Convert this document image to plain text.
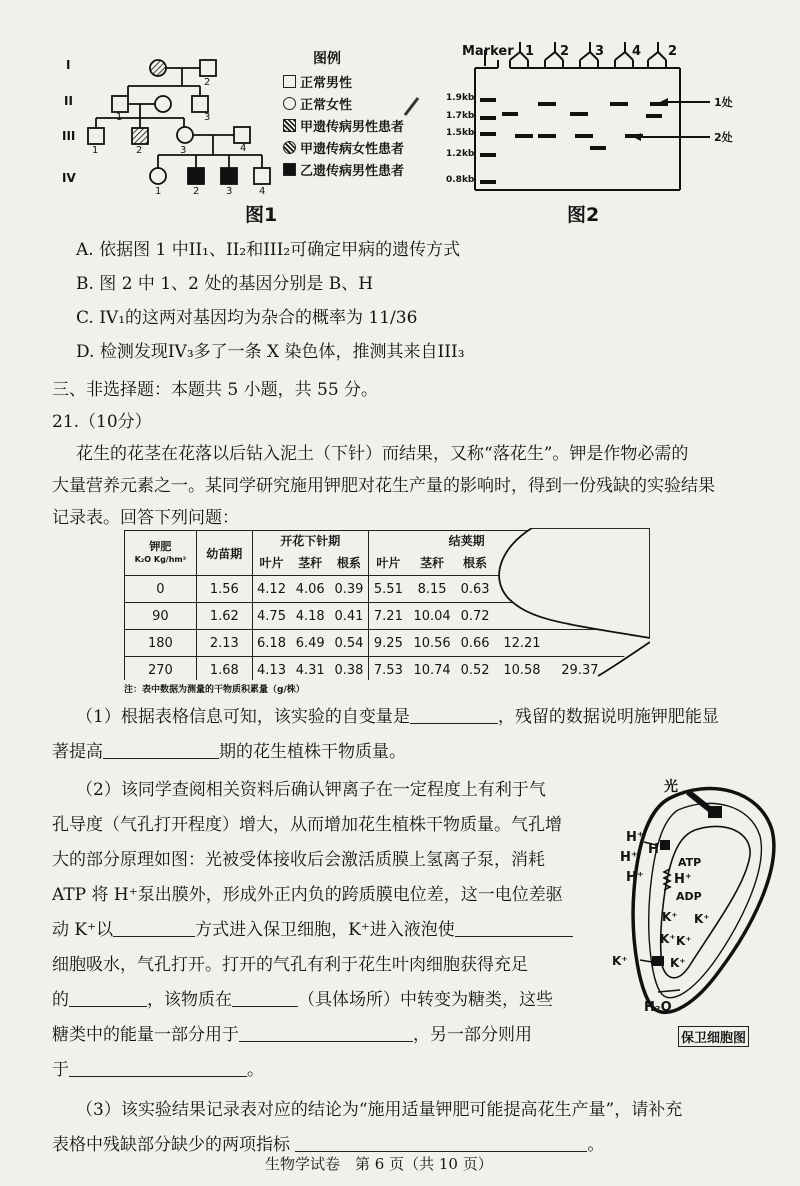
I
II
III
IV
2
1	3
1	2	3	4
1	2	3	4
图例
正常男性
正常女性
甲遗传病男性患者
甲遗传病女性患者
乙遗传病男性患者
图1
Marker 1 2 3 4 2
1.9kb
1.7kb
1.5kb
1.2kb
0.8kb
1处
2处
图2
A. 依据图 1 中II₁、II₂和III₂可确定甲病的遗传方式
B. 图 2 中 1、2 处的基因分别是 B、H
C. IV₁的这两对基因均为杂合的概率为 11/36
D. 检测发现IV₃多了一条 X 染色体，推测其来自III₃
三、非选择题：本题共 5 小题，共 55 分。
21.（10分）
花生的花茎在花落以后钻入泥土（下针）而结果，又称“落花生”。钾是作物必需的
大量营养元素之一。某同学研究施用钾肥对花生产量的影响时，得到一份残缺的实验结果
记录表。回答下列问题：
钾肥
K₂O Kg/hm²	幼苗期	开花下针期			结荚期					
		叶片	茎秆	根系	叶片	茎秆	根系			
0	1.56	4.12	4.06	0.39	5.51	8.15	0.63			
90	1.62	4.75	4.18	0.41	7.21	10.04	0.72			
180	2.13	6.18	6.49	0.54	9.25	10.56	0.66	12.21		
270	1.68	4.13	4.31	0.38	7.53	10.74	0.52	10.58	29.37	
注：表中数据为测量的干物质积累量（g/株）
（1）根据表格信息可知，该实验的自变量是	，残留的数据说明施钾肥能显
著提高	期的花生植株干物质量。
（2）该同学查阅相关资料后确认钾离子在一定程度上有利于气
孔导度（气孔打开程度）增大，从而增加花生植株干物质量。气孔增
大的部分原理如图：光被受体接收后会激活质膜上氢离子泵，消耗
ATP 将 H⁺泵出膜外，形成外正内负的跨质膜电位差，这一电位差驱
动 K⁺以	方式进入保卫细胞，K⁺进入液泡使
细胞吸水，气孔打开。打开的气孔有利于花生叶肉细胞获得充足
的	，该物质在	（具体场所）中转变为糖类，这些
糖类中的能量一部分用于	，另一部分则用
于	。
（3）该实验结果记录表对应的结论为“施用适量钾肥可能提高花生产量”，请补充
表格中残缺部分缺少的两项指标	。
光
H⁺
H⁺
H⁺
H⁺ H⁺
ATP
ADP
K⁺ K⁺
K⁺ K⁺
K⁺	K⁺
H₂O
保卫细胞图
生物学试卷　第 6 页（共 10 页）
